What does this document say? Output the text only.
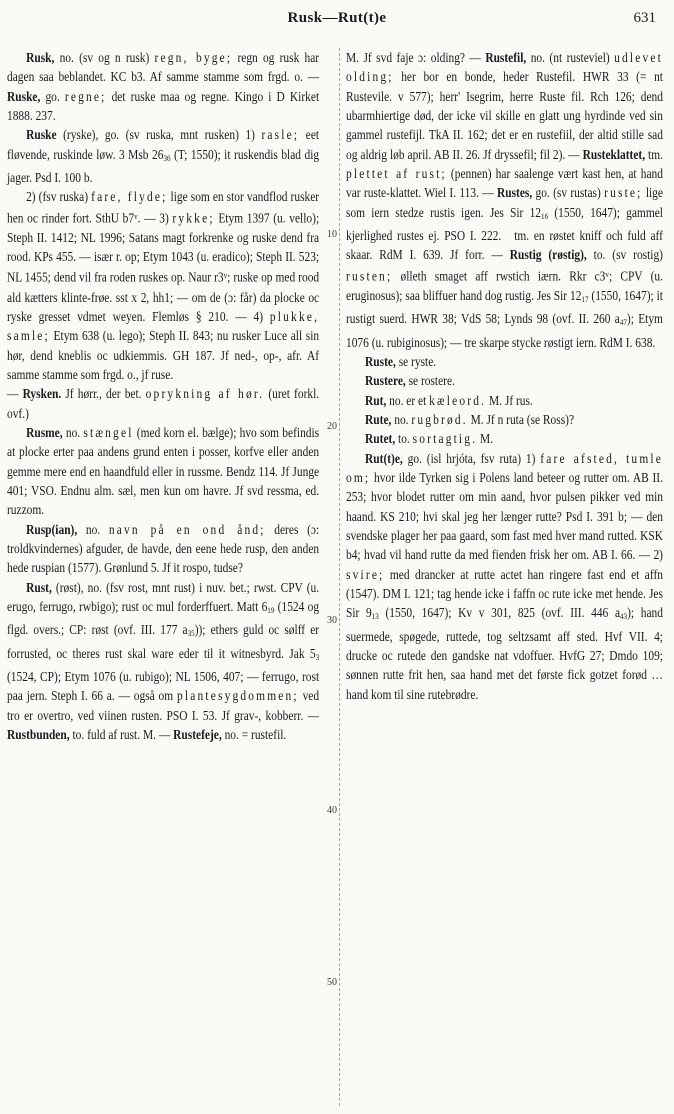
Rusk—Rut(t)e	631
10
20
30
40
50

Rusk, no. (sv og n rusk) regn, byge; regn og rusk har dagen saa beblandet. KC b3. Af samme stamme som frgd. o. — Ruske, go. regne; det ruske maa og regne. Kingo i D Kirket 1888. 237.

Ruske (ryske), go. (sv ruska, mnt rusken) 1) rasle; eet fløvende, ruskinde løw. 3 Msb 2636 (T; 1550); it ruskendis blad dig jager. Psd I. 100 b.

2) (fsv ruska) fare, flyde; lige som en stor vandflod rusker hen oc rinder fort. SthU b7$^v$. — 3) rykke; Etym 1397 (u. vello); Steph II. 1412; NL 1996; Satans magt forkrenke og ruske dend fra rood. KPs 455. — især r. op; Etym 1043 (u. eradico); Steph II. 523; NL 1455; dend vil fra roden ruskes op. Naur r3$^v$; ruske op med rood ald kætters klinte-frøe. sst x 2, hh1; — om de (ɔ: får) da plocke oc ryske gresset vdmet weyen. Flemløs § 210. — 4) plukke, samle; Etym 638 (u. lego); Steph II. 843; nu rusker Luce all sin hør, dend kneblis oc udkiemmis. GH 187. Jf ned-, op-, afr. Af samme stamme som frgd. o., jf ruse.

— Rysken. Jf hørr., der bet. oprykning af hør. (uret forkl. ovf.)

Rusme, no. stængel (med korn el. bælge); hvo som befindis at plocke erter paa andens grund enten i posser, korfve eller anden gemme mere end en haandfuld eller in russme. Bendz 114. Jf Junge 401; VSO. Endnu alm. sæl, men kun om havre. Jf svd ressma, ed. ruzzom.

Rusp(ian), no. navn på en ond ånd; deres (ɔ: troldkvindernes) afguder, de havde, den eene hede rusp, den anden hede ruspian (1577). Grønlund 5. Jf it rospo, tudse?

Rust, (røst), no. (fsv rost, mnt rust) i nuv. bet.; rwst. CPV (u. erugo, ferrugo, rwbigo); rust oc mul forderffuert. Matt 619 (1524 og flgd. overs.; CP: røst (ovf. III. 177 a35)); ethers guld oc sølff er forrusted, oc theres rust skal ware eder til it witnesbyrd. Jak 53 (1524, CP); Etym 1076 (u. rubigo); NL 1506, 407; — ferrugo, rost paa jern. Steph I. 66 a. — også om plantesygdommen; ved tro er overtro, ved viinen rusten. PSO I. 53. Jf grav-, kobberr. — Rustbunden, to. fuld af rust. M. — Rustefeje, no. = rustefil.

M. Jf svd faje ɔ: olding? — Rustefil, no. (nt rusteviel) udlevet olding; her bor en bonde, heder Rustefil. HWR 33 (= nt Rustevile. v 577); herr' Isegrim, herre Ruste fil. Rch 126; dend ubarmhiertige død, der icke vil skille en glatt ung hyrdinde ved sin gammel rustefijl. TkA II. 162; det er en rustefiil, der altid stille sad og aldrig løb april. AB II. 26. Jf dryssefil; fil 2). — Rusteklattet, tm. plettet af rust; (pennen) har saalenge vært kast hen, at hand var ruste-klattet. Wiel I. 113. — Rustes, go. (sv rustas) ruste; lige som iern stedze rustis igen. Jes Sir 1216 (1550, 1647); gammel kjerlighed rustes ej. PSO I. 222. tm. en røstet kniff och fuld aff skaar. RdM I. 639. Jf forr. — Rustig (røstig), to. (sv rostig) rusten; ølleth smaget aff rwstich iærn. Rkr c3$^v$; CPV (u. eruginosus); saa bliffuer hand dog rustig. Jes Sir 1217 (1550, 1647); it rustigt suerd. HWR 38; VdS 58; Lynds 98 (ovf. II. 260 a47); Etym 1076 (u. rubiginosus); — tre skarpe stycke røstigt iern. RdM I. 638.

Ruste, se ryste.

Rustere, se rostere.

Rut, no. er et kæleord. M. Jf rus.

Rute, no. rugbrød. M. Jf n ruta (se Ross)?

Rutet, to. sortagtig. M.

Rut(t)e, go. (isl hrjóta, fsv ruta) 1) fare afsted, tumle om; hvor ilde Tyrken sig i Polens land beteer og rutter om. AB II. 253; hvor blodet rutter om min aand, hvor pulsen pikker ved min haand. KS 210; hvi skal jeg her længer rutte? Psd I. 391 b; — den svendske plager her paa gaard, som fast med hver mand rutted. KSK b4; hvad vil hand rutte da med fienden frisk her om. AB I. 66. — 2) svire; med drancker at rutte actet han ringere fast end et affn (1547). DM I. 121; tag hende icke i faffn oc rute icke met hende. Jes Sir 913 (1550, 1647); Kv v 301, 825 (ovf. III. 446 a43); hand suermede, spøgede, ruttede, tog seltzsamt aff sted. Hvf VII. 4; drucke oc rutede den gandske nat vdoffuer. HvfG 27; Dmdo 109; sønnen rutte frit hen, saa hand met det første fick gotzet forød … hand kom til sine rutebrødre.
